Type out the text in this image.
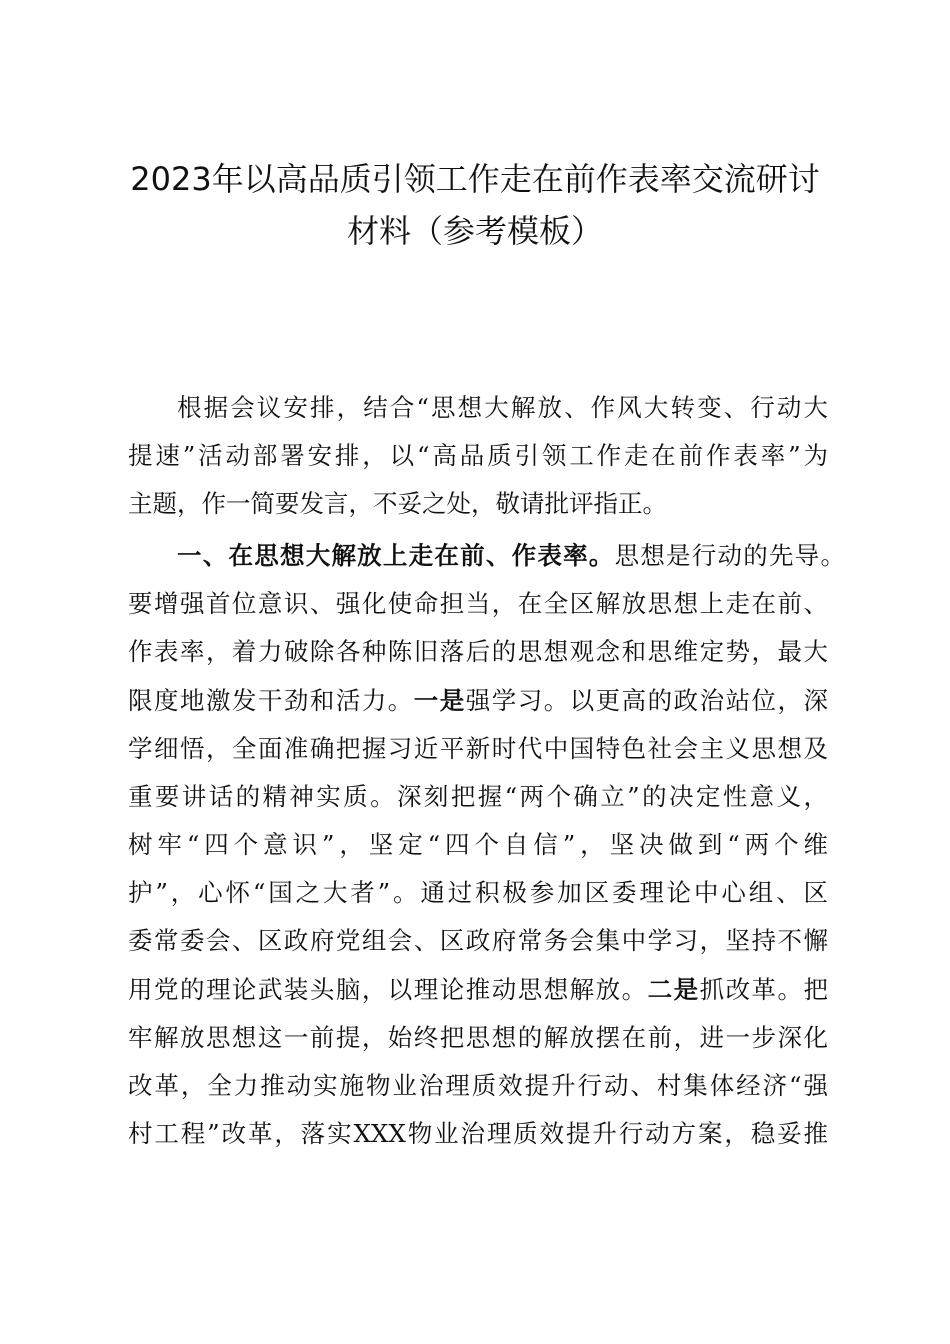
2023年以高品质引领工作走在前作表率交流研讨
材料（参考模板）
根据会议安排，结合“思想大解放、作风大转变、行动大
提速”活动部署安排，以“高品质引领工作走在前作表率”为
主题，作一简要发言，不妥之处，敬请批评指正。
一、在思想大解放上走在前、作表率。思想是行动的先导。
要增强首位意识、强化使命担当，在全区解放思想上走在前、
作表率，着力破除各种陈旧落后的思想观念和思维定势，最大
限度地激发干劲和活力。一是强学习。以更高的政治站位，深
学细悟，全面准确把握习近平新时代中国特色社会主义思想及
重要讲话的精神实质。深刻把握“两个确立”的决定性意义，
树牢“四个意识”，坚定“四个自信”，坚决做到“两个维
护”，心怀“国之大者”。通过积极参加区委理论中心组、区
委常委会、区政府党组会、区政府常务会集中学习，坚持不懈
用党的理论武装头脑，以理论推动思想解放。二是抓改革。把
牢解放思想这一前提，始终把思想的解放摆在前，进一步深化
改革，全力推动实施物业治理质效提升行动、村集体经济“强
村工程”改革，落实XXX物业治理质效提升行动方案，稳妥推
